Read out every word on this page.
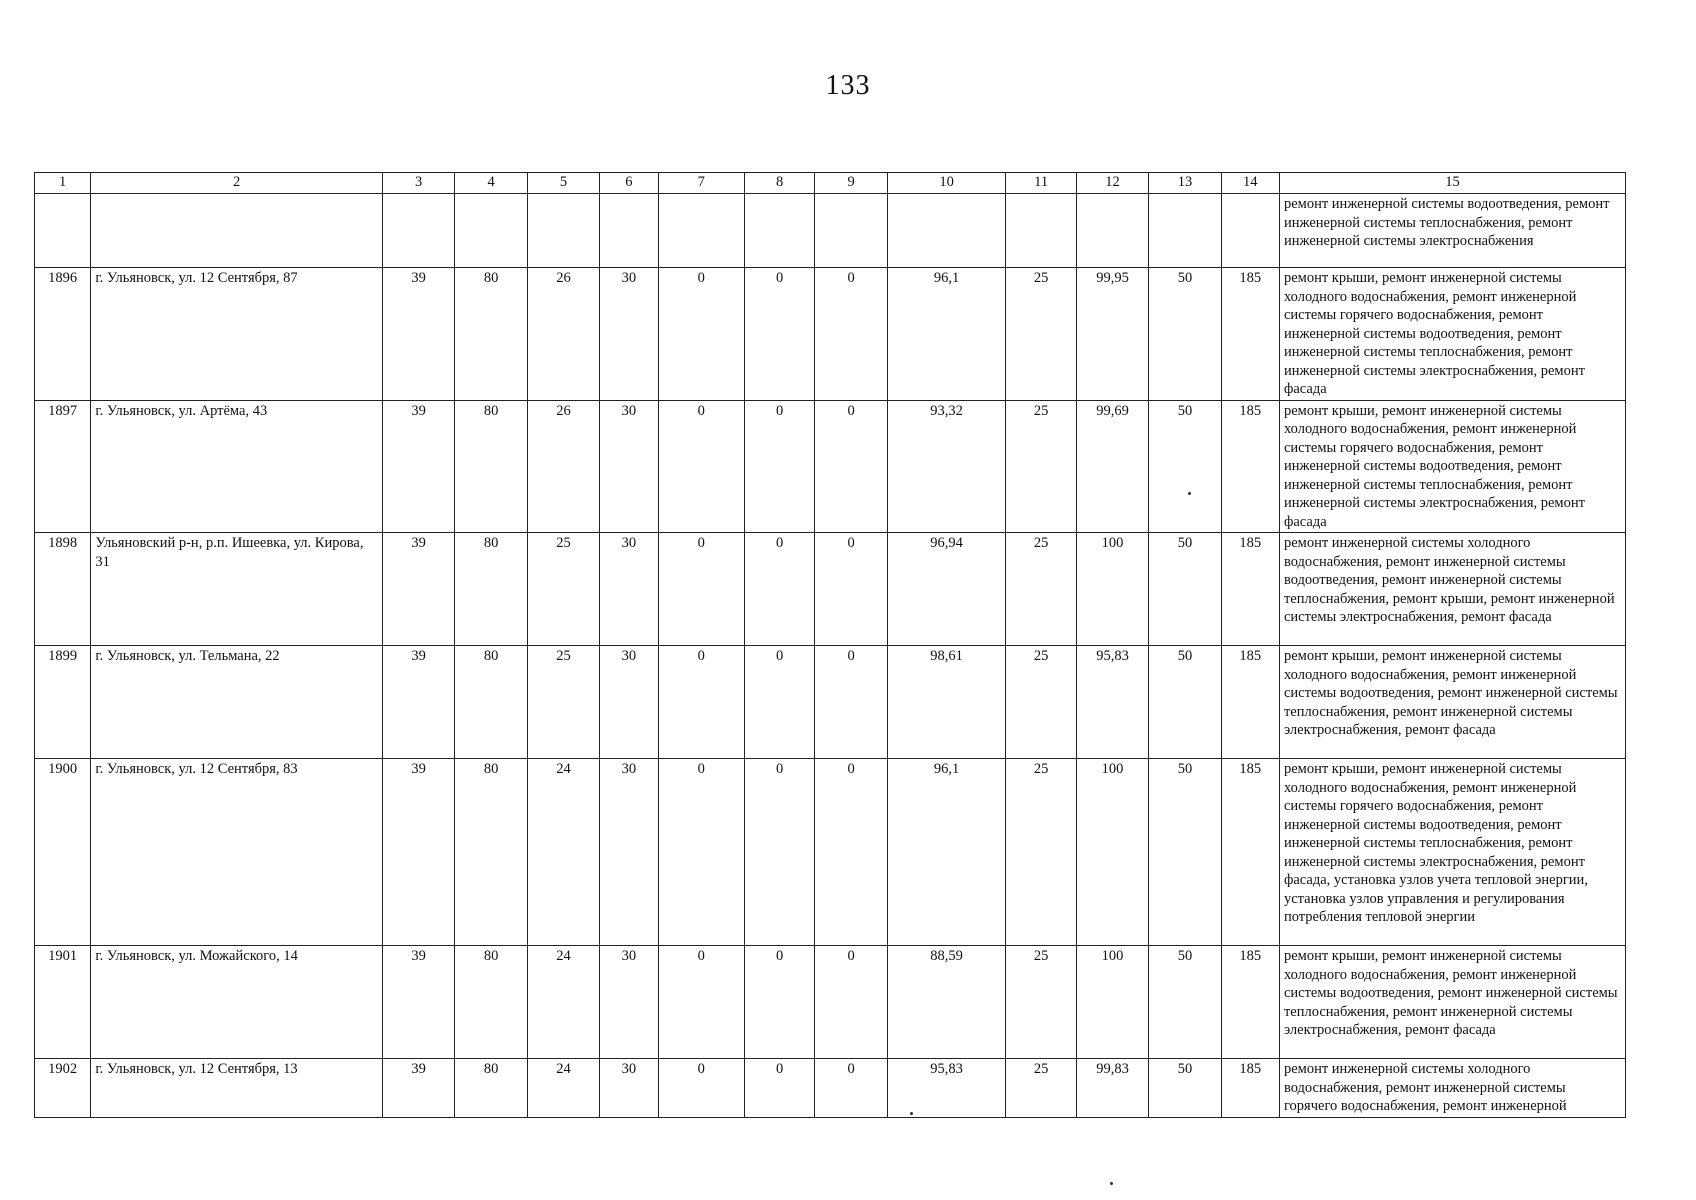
133
1	2	3	4	5	6	7	8	9	10	11	12	13	14	15
														ремонт инженерной системы водоотведения, ремонт инженерной системы теплоснабжения, ремонт инженерной системы электроснабжения
1896	г. Ульяновск, ул. 12 Сентября, 87	39	80	26	30	0	0	0	96,1	25	99,95	50	185	ремонт крыши, ремонт инженерной системы холодного водоснабжения, ремонт инженерной системы горячего водоснабжения, ремонт инженерной системы водоотведения, ремонт инженерной системы теплоснабжения, ремонт инженерной системы электроснабжения, ремонт фасада
1897	г. Ульяновск, ул. Артёма, 43	39	80	26	30	0	0	0	93,32	25	99,69	50	185	ремонт крыши, ремонт инженерной системы холодного водоснабжения, ремонт инженерной системы горячего водоснабжения, ремонт инженерной системы водоотведения, ремонт инженерной системы теплоснабжения, ремонт инженерной системы электроснабжения, ремонт фасада
1898	Ульяновский р-н, р.п. Ишеевка, ул. Кирова, 31	39	80	25	30	0	0	0	96,94	25	100	50	185	ремонт инженерной системы холодного водоснабжения, ремонт инженерной системы водоотведения, ремонт инженерной системы теплоснабжения, ремонт крыши, ремонт инженерной системы электроснабжения, ремонт фасада
1899	г. Ульяновск, ул. Тельмана, 22	39	80	25	30	0	0	0	98,61	25	95,83	50	185	ремонт крыши, ремонт инженерной системы холодного водоснабжения, ремонт инженерной системы водоотведения, ремонт инженерной системы теплоснабжения, ремонт инженерной системы электроснабжения, ремонт фасада
1900	г. Ульяновск, ул. 12 Сентября, 83	39	80	24	30	0	0	0	96,1	25	100	50	185	ремонт крыши, ремонт инженерной системы холодного водоснабжения, ремонт инженерной системы горячего водоснабжения, ремонт инженерной системы водоотведения, ремонт инженерной системы теплоснабжения, ремонт инженерной системы электроснабжения, ремонт фасада, установка узлов учета тепловой энергии, установка узлов управления и регулирования потребления тепловой энергии
1901	г. Ульяновск, ул. Можайского, 14	39	80	24	30	0	0	0	88,59	25	100	50	185	ремонт крыши, ремонт инженерной системы холодного водоснабжения, ремонт инженерной системы водоотведения, ремонт инженерной системы теплоснабжения, ремонт инженерной системы электроснабжения, ремонт фасада
1902	г. Ульяновск, ул. 12 Сентября, 13	39	80	24	30	0	0	0	95,83	25	99,83	50	185	ремонт инженерной системы холодного водоснабжения, ремонт инженерной системы горячего водоснабжения, ремонт инженерной
